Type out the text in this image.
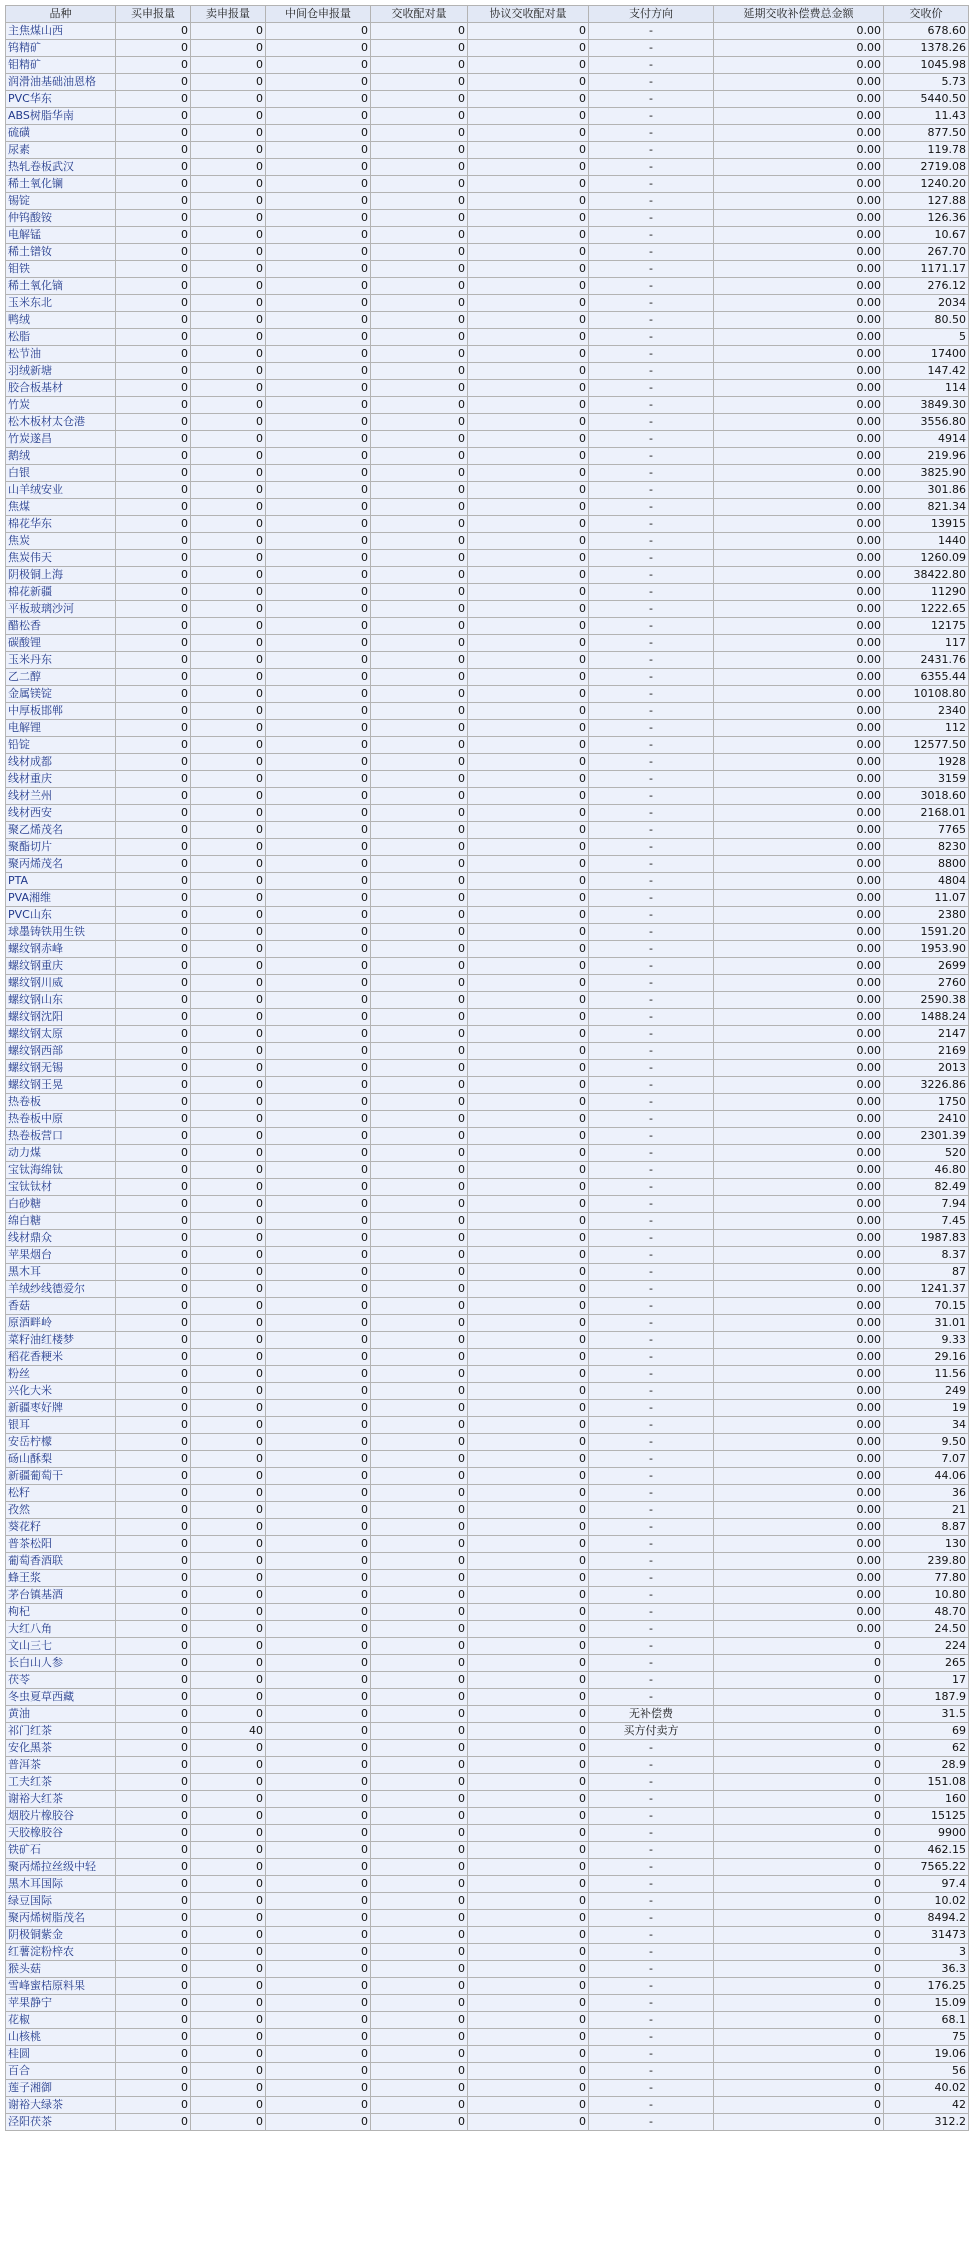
品种	买申报量	卖申报量	中间仓申报量	交收配对量	协议交收配对量	支付方向	延期交收补偿费总金额	交收价
主焦煤山西	0	0	0	0	0	-	0.00	678.60
钨精矿	0	0	0	0	0	-	0.00	1378.26
钼精矿	0	0	0	0	0	-	0.00	1045.98
润滑油基础油恩格	0	0	0	0	0	-	0.00	5.73
PVC华东	0	0	0	0	0	-	0.00	5440.50
ABS树脂华南	0	0	0	0	0	-	0.00	11.43
硫磺	0	0	0	0	0	-	0.00	877.50
尿素	0	0	0	0	0	-	0.00	119.78
热轧卷板武汉	0	0	0	0	0	-	0.00	2719.08
稀土氧化镧	0	0	0	0	0	-	0.00	1240.20
锡锭	0	0	0	0	0	-	0.00	127.88
仲钨酸铵	0	0	0	0	0	-	0.00	126.36
电解锰	0	0	0	0	0	-	0.00	10.67
稀土镨钕	0	0	0	0	0	-	0.00	267.70
钼铁	0	0	0	0	0	-	0.00	1171.17
稀土氧化镝	0	0	0	0	0	-	0.00	276.12
玉米东北	0	0	0	0	0	-	0.00	2034
鸭绒	0	0	0	0	0	-	0.00	80.50
松脂	0	0	0	0	0	-	0.00	5
松节油	0	0	0	0	0	-	0.00	17400
羽绒新塘	0	0	0	0	0	-	0.00	147.42
胶合板基材	0	0	0	0	0	-	0.00	114
竹炭	0	0	0	0	0	-	0.00	3849.30
松木板材太仓港	0	0	0	0	0	-	0.00	3556.80
竹炭遂昌	0	0	0	0	0	-	0.00	4914
鹅绒	0	0	0	0	0	-	0.00	219.96
白银	0	0	0	0	0	-	0.00	3825.90
山羊绒安业	0	0	0	0	0	-	0.00	301.86
焦煤	0	0	0	0	0	-	0.00	821.34
棉花华东	0	0	0	0	0	-	0.00	13915
焦炭	0	0	0	0	0	-	0.00	1440
焦炭伟天	0	0	0	0	0	-	0.00	1260.09
阴极铜上海	0	0	0	0	0	-	0.00	38422.80
棉花新疆	0	0	0	0	0	-	0.00	11290
平板玻璃沙河	0	0	0	0	0	-	0.00	1222.65
醋松香	0	0	0	0	0	-	0.00	12175
碳酸锂	0	0	0	0	0	-	0.00	117
玉米丹东	0	0	0	0	0	-	0.00	2431.76
乙二醇	0	0	0	0	0	-	0.00	6355.44
金属镁锭	0	0	0	0	0	-	0.00	10108.80
中厚板邯郸	0	0	0	0	0	-	0.00	2340
电解锂	0	0	0	0	0	-	0.00	112
铅锭	0	0	0	0	0	-	0.00	12577.50
线材成都	0	0	0	0	0	-	0.00	1928
线材重庆	0	0	0	0	0	-	0.00	3159
线材兰州	0	0	0	0	0	-	0.00	3018.60
线材西安	0	0	0	0	0	-	0.00	2168.01
聚乙烯茂名	0	0	0	0	0	-	0.00	7765
聚酯切片	0	0	0	0	0	-	0.00	8230
聚丙烯茂名	0	0	0	0	0	-	0.00	8800
PTA	0	0	0	0	0	-	0.00	4804
PVA湘维	0	0	0	0	0	-	0.00	11.07
PVC山东	0	0	0	0	0	-	0.00	2380
球墨铸铁用生铁	0	0	0	0	0	-	0.00	1591.20
螺纹钢赤峰	0	0	0	0	0	-	0.00	1953.90
螺纹钢重庆	0	0	0	0	0	-	0.00	2699
螺纹钢川威	0	0	0	0	0	-	0.00	2760
螺纹钢山东	0	0	0	0	0	-	0.00	2590.38
螺纹钢沈阳	0	0	0	0	0	-	0.00	1488.24
螺纹钢太原	0	0	0	0	0	-	0.00	2147
螺纹钢西部	0	0	0	0	0	-	0.00	2169
螺纹钢无锡	0	0	0	0	0	-	0.00	2013
螺纹钢王晃	0	0	0	0	0	-	0.00	3226.86
热卷板	0	0	0	0	0	-	0.00	1750
热卷板中原	0	0	0	0	0	-	0.00	2410
热卷板营口	0	0	0	0	0	-	0.00	2301.39
动力煤	0	0	0	0	0	-	0.00	520
宝钛海绵钛	0	0	0	0	0	-	0.00	46.80
宝钛钛材	0	0	0	0	0	-	0.00	82.49
白砂糖	0	0	0	0	0	-	0.00	7.94
绵白糖	0	0	0	0	0	-	0.00	7.45
线材鼎众	0	0	0	0	0	-	0.00	1987.83
苹果烟台	0	0	0	0	0	-	0.00	8.37
黑木耳	0	0	0	0	0	-	0.00	87
羊绒纱线德爱尔	0	0	0	0	0	-	0.00	1241.37
香菇	0	0	0	0	0	-	0.00	70.15
原酒畔岭	0	0	0	0	0	-	0.00	31.01
菜籽油红楼梦	0	0	0	0	0	-	0.00	9.33
稻花香粳米	0	0	0	0	0	-	0.00	29.16
粉丝	0	0	0	0	0	-	0.00	11.56
兴化大米	0	0	0	0	0	-	0.00	249
新疆枣好牌	0	0	0	0	0	-	0.00	19
银耳	0	0	0	0	0	-	0.00	34
安岳柠檬	0	0	0	0	0	-	0.00	9.50
砀山酥梨	0	0	0	0	0	-	0.00	7.07
新疆葡萄干	0	0	0	0	0	-	0.00	44.06
松籽	0	0	0	0	0	-	0.00	36
孜然	0	0	0	0	0	-	0.00	21
葵花籽	0	0	0	0	0	-	0.00	8.87
普茶松阳	0	0	0	0	0	-	0.00	130
葡萄香酒联	0	0	0	0	0	-	0.00	239.80
蜂王浆	0	0	0	0	0	-	0.00	77.80
茅台镇基酒	0	0	0	0	0	-	0.00	10.80
枸杞	0	0	0	0	0	-	0.00	48.70
大红八角	0	0	0	0	0	-	0.00	24.50
文山三七	0	0	0	0	0	-	0	224
长白山人参	0	0	0	0	0	-	0	265
茯苓	0	0	0	0	0	-	0	17
冬虫夏草西藏	0	0	0	0	0	-	0	187.9
黄油	0	0	0	0	0	无补偿费	0	31.5
祁门红茶	0	40	0	0	0	买方付卖方	0	69
安化黑茶	0	0	0	0	0	-	0	62
普洱茶	0	0	0	0	0	-	0	28.9
工夫红茶	0	0	0	0	0	-	0	151.08
谢裕大红茶	0	0	0	0	0	-	0	160
烟胶片橡胶谷	0	0	0	0	0	-	0	15125
天胶橡胶谷	0	0	0	0	0	-	0	9900
铁矿石	0	0	0	0	0	-	0	462.15
聚丙烯拉丝级中轻	0	0	0	0	0	-	0	7565.22
黑木耳国际	0	0	0	0	0	-	0	97.4
绿豆国际	0	0	0	0	0	-	0	10.02
聚丙烯树脂茂名	0	0	0	0	0	-	0	8494.2
阴极铜紫金	0	0	0	0	0	-	0	31473
红薯淀粉梓农	0	0	0	0	0	-	0	3
猴头菇	0	0	0	0	0	-	0	36.3
雪峰蜜桔原料果	0	0	0	0	0	-	0	176.25
苹果静宁	0	0	0	0	0	-	0	15.09
花椒	0	0	0	0	0	-	0	68.1
山核桃	0	0	0	0	0	-	0	75
桂圆	0	0	0	0	0	-	0	19.06
百合	0	0	0	0	0	-	0	56
莲子湘御	0	0	0	0	0	-	0	40.02
谢裕大绿茶	0	0	0	0	0	-	0	42
泾阳茯茶	0	0	0	0	0	-	0	312.2
